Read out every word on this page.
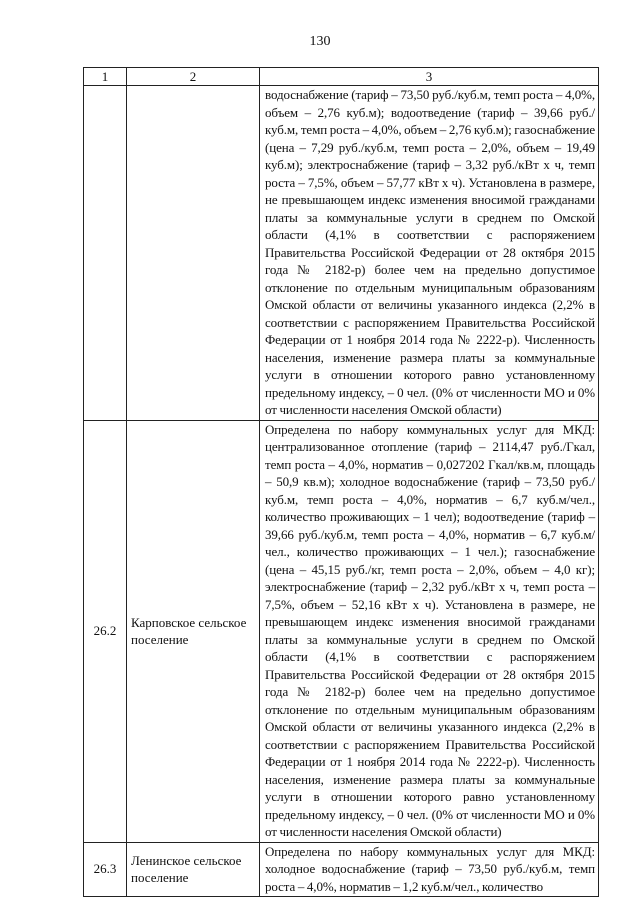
130
1	2	3

		водоснабжение (тариф – 73,50 руб./куб.м, темп роста – 4,0%, объем – 2,76 куб.м); водоотведение (тариф – 39,66 руб./куб.м, темп роста – 4,0%, объем – 2,76 куб.м); газоснабжение (цена – 7,29 руб./куб.м, темп роста – 2,0%, объем – 19,49 куб.м); электроснабжение (тариф – 3,32 руб./кВт х ч, темп роста – 7,5%, объем – 57,77 кВт х ч). Установлена в размере, не превышающем индекс изменения вносимой гражданами платы за коммунальные услуги в среднем по Омской области (4,1% в соответствии с распоряжением Правительства Российской Федерации от 28 октября 2015 года № 2182-р) более чем на предельно допустимое отклонение по отдельным муниципальным образованиям Омской области от величины указанного индекса (2,2% в соответствии с распоряжением Правительства Российской Федерации от 1 ноября 2014 года № 2222-р). Численность населения, изменение размера платы за коммунальные услуги в отношении которого равно установленному предельному индексу, – 0 чел. (0% от численности МО и 0% от численности населения Омской области)

26.2	Карповское сельское поселение	Определена по набору коммунальных услуг для МКД: централизованное отопление (тариф – 2114,47 руб./Гкал, темп роста – 4,0%, норматив – 0,027202 Гкал/кв.м, площадь – 50,9 кв.м); холодное водоснабжение (тариф – 73,50 руб./куб.м, темп роста – 4,0%, норматив – 6,7 куб.м/чел., количество проживающих – 1 чел); водоотведение (тариф – 39,66 руб./куб.м, темп роста – 4,0%, норматив – 6,7 куб.м/чел., количество проживающих – 1 чел.); газоснабжение (цена – 45,15 руб./кг, темп роста – 2,0%, объем – 4,0 кг); электроснабжение (тариф – 2,32 руб./кВт х ч, темп роста – 7,5%, объем – 52,16 кВт х ч). Установлена в размере, не превышающем индекс изменения вносимой гражданами платы за коммунальные услуги в среднем по Омской области (4,1% в соответствии с распоряжением Правительства Российской Федерации от 28 октября 2015 года № 2182-р) более чем на предельно допустимое отклонение по отдельным муниципальным образованиям Омской области от величины указанного индекса (2,2% в соответствии с распоряжением Правительства Российской Федерации от 1 ноября 2014 года № 2222-р). Численность населения, изменение размера платы за коммунальные услуги в отношении которого равно установленному предельному индексу, – 0 чел. (0% от численности МО и 0% от численности населения Омской области)

26.3	Ленинское сельское поселение	Определена по набору коммунальных услуг для МКД: холодное водоснабжение (тариф – 73,50 руб./куб.м, темп роста – 4,0%, норматив – 1,2 куб.м/чел., количество
